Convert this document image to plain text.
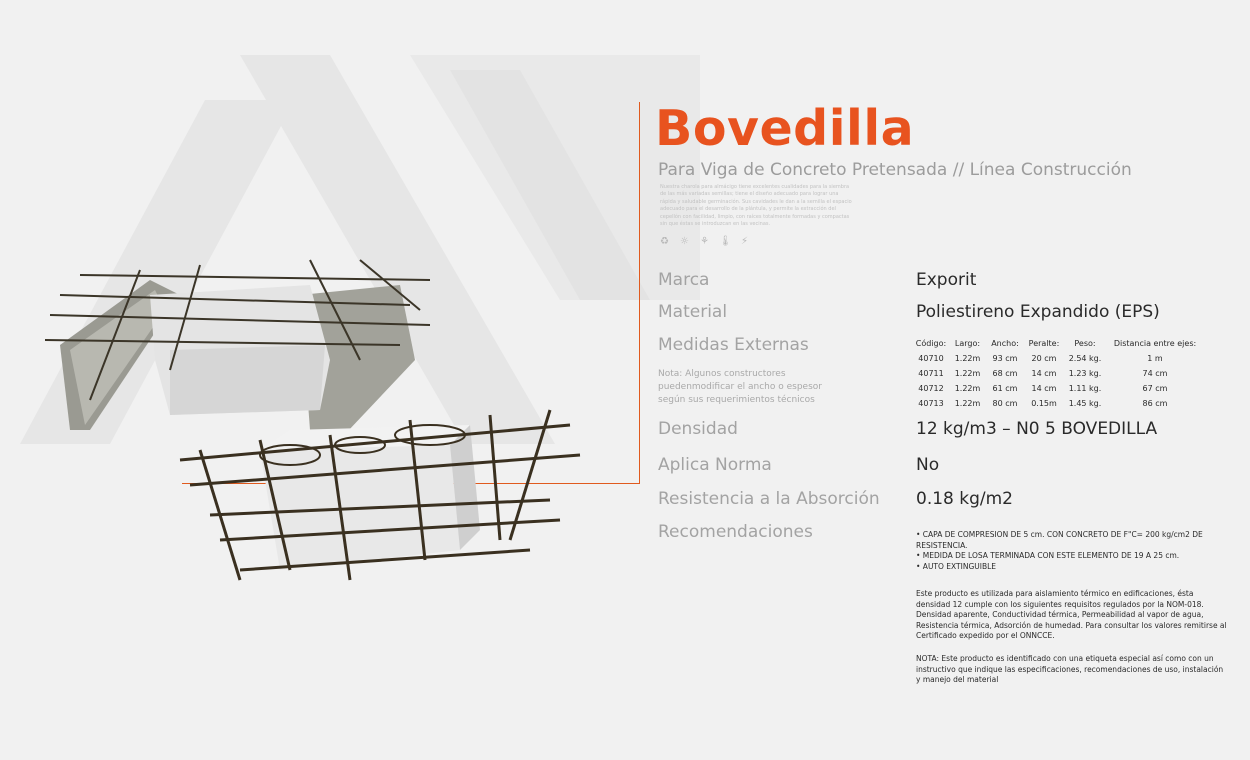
Bovedilla
Para Viga de Concreto Pretensada // Línea Construcción
Nuestra charola para almácigo tiene excelentes cualidades para la siembra de las más variadas semillas; tiene el diseño adecuado para lograr una rápida y saludable germinación. Sus cavidades le dan a la semilla el espacio adecuado para el desarrollo de la plántula, y permite la extracción del cepellón con facilidad, limpio, con raíces totalmente formadas y compactas sin que éstas se introduzcan en las vecinas.
♻ ☼ ⚘ 🌡 ⚡
Marca	Exporit
Material	Poliestireno Expandido (EPS)
Medidas Externas
Nota: Algunos constructores puedenmodificar el ancho o espesor según sus requerimientos técnicos
Código:	Largo:	Ancho:	Peralte:	Peso:	Distancia entre ejes:
40710	1.22m	93 cm	20 cm	2.54 kg.	1 m
40711	1.22m	68 cm	14 cm	1.23 kg.	74 cm
40712	1.22m	61 cm	14 cm	1.11 kg.	67 cm
40713	1.22m	80 cm	0.15m	1.45 kg.	86 cm
Densidad	12 kg/m3 – N0 5 BOVEDILLA
Aplica Norma	No
Resistencia a la Absorción 0.18 kg/m2
Recomendaciones	• CAPA DE COMPRESION DE 5 cm. CON CONCRETO DE F"C= 200 kg/cm2 DE RESISTENCIA.
• MEDIDA DE LOSA TERMINADA CON ESTE ELEMENTO DE 19 A 25 cm.
• AUTO EXTINGUIBLE
Este producto es utilizada para aislamiento térmico en edificaciones, ésta densidad 12 cumple con los siguientes requisitos regulados por la NOM-018. Densidad aparente, Conductividad térmica, Permeabilidad al vapor de agua, Resistencia térmica, Adsorción de humedad. Para consultar los valores remitirse al Certificado expedido por el ONNCCE.
NOTA: Este producto es identificado con una etiqueta especial así como con un instructivo que indique las especificaciones, recomendaciones de uso, instalación y manejo del material
